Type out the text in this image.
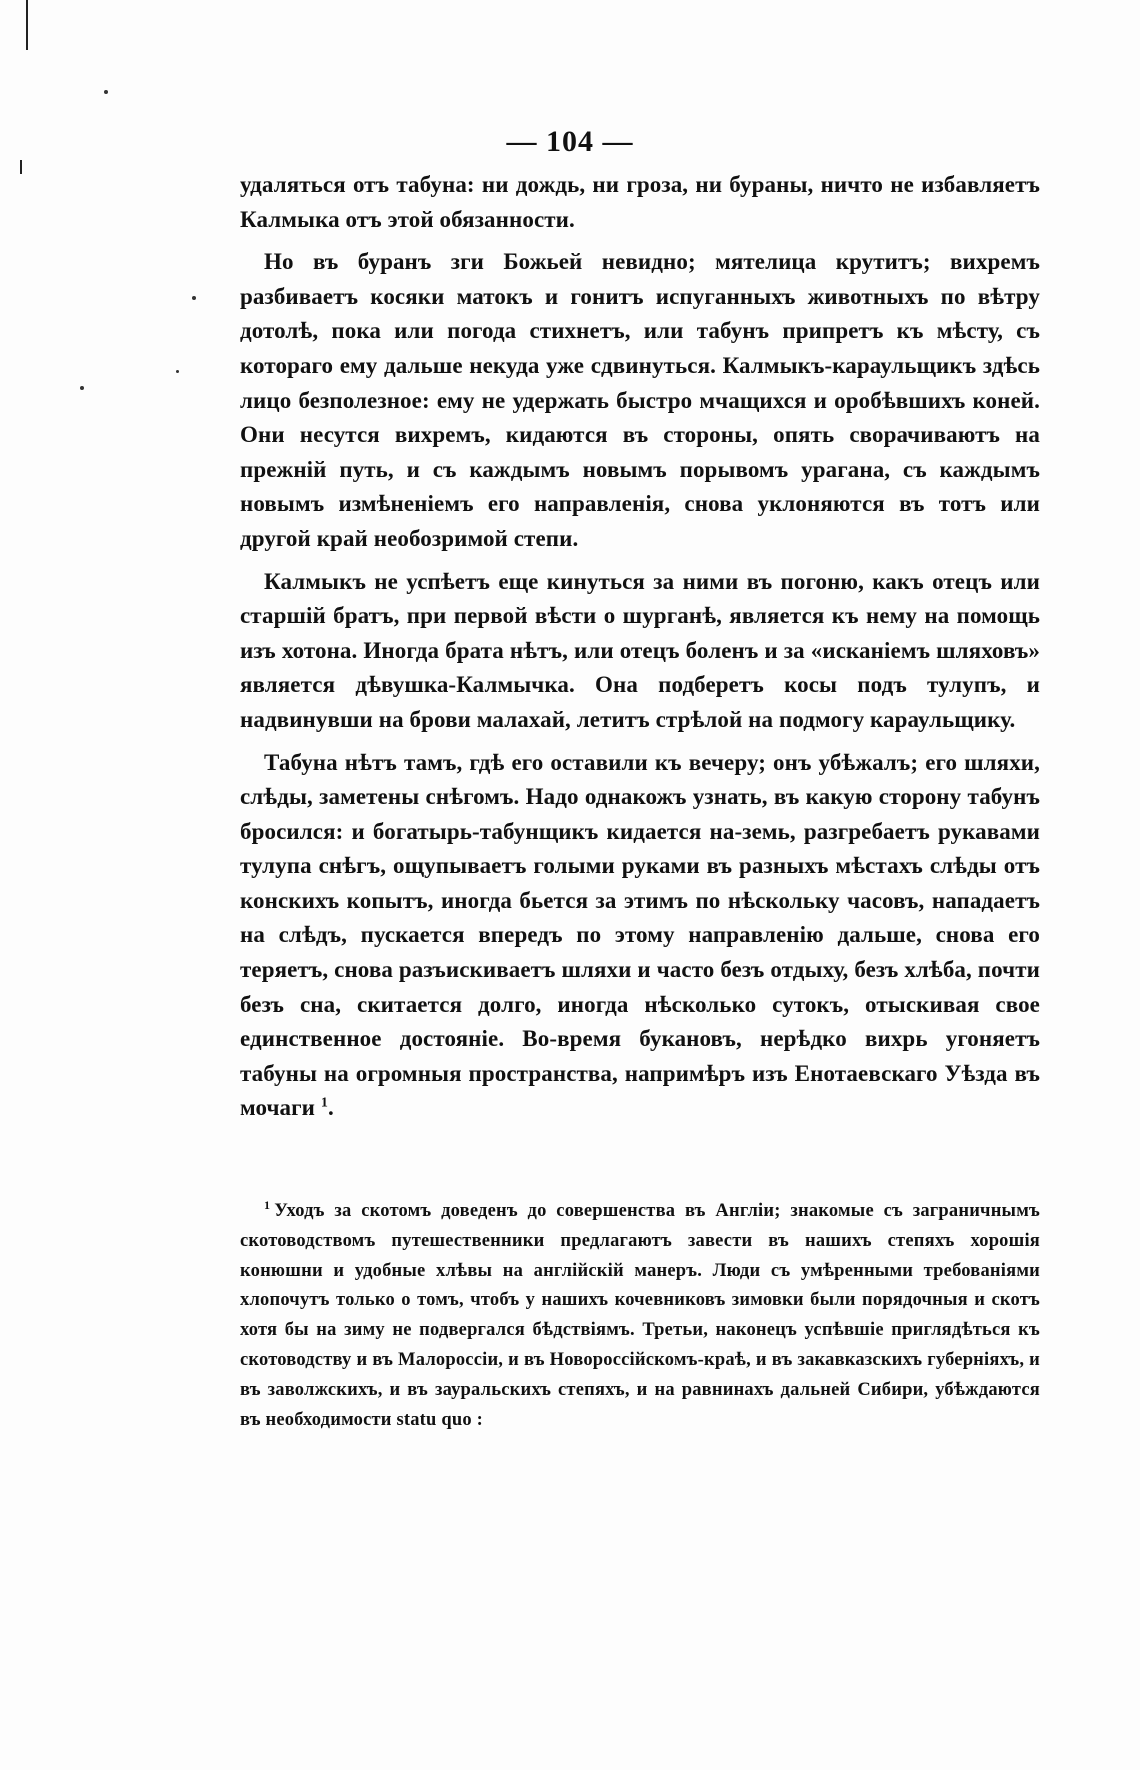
— 104 —

удаляться отъ табуна: ни дождь, ни гроза, ни бураны, ничто не избавляетъ Калмыка отъ этой обязанности.

Но въ буранъ зги Божьей невидно; мятелица крутитъ; вихремъ разбиваетъ косяки матокъ и гонитъ испуганныхъ животныхъ по вѣтру дотолѣ, пока или погода стихнетъ, или табунъ припретъ къ мѣсту, съ котораго ему дальше некуда уже сдвинуться. Калмыкъ-караульщикъ здѣсь лицо безполезное: ему не удержать быстро мчащихся и оробѣвшихъ коней. Они несутся вихремъ, кидаются въ стороны, опять сворачиваютъ на прежній путь, и съ каждымъ новымъ порывомъ урагана, съ каждымъ новымъ измѣненіемъ его направленія, снова уклоняются въ тотъ или другой край необозримой степи.

Калмыкъ не успѣетъ еще кинуться за ними въ погоню, какъ отецъ или старшій братъ, при первой вѣсти о шурганѣ, является къ нему на помощь изъ хотона. Иногда брата нѣтъ, или отецъ боленъ и за «исканіемъ шляховъ» является дѣвушка-Калмычка. Она подберетъ косы подъ тулупъ, и надвинувши на брови малахай, летитъ стрѣлой на подмогу караульщику.

Табуна нѣтъ тамъ, гдѣ его оставили къ вечеру; онъ убѣжалъ; его шляхи, слѣды, заметены снѣгомъ. Надо однакожъ узнать, въ какую сторону табунъ бросился: и богатырь-табунщикъ кидается на-земь, разгребаетъ рукавами тулупа снѣгъ, ощупываетъ голыми руками въ разныхъ мѣстахъ слѣды отъ конскихъ копытъ, иногда бьется за этимъ по нѣскольку часовъ, нападаетъ на слѣдъ, пускается впередъ по этому направленію дальше, снова его теряетъ, снова разъискиваетъ шляхи и часто безъ отдыху, безъ хлѣба, почти безъ сна, скитается долго, иногда нѣсколько сутокъ, отыскивая свое единственное достояніе. Во-время букановъ, нерѣдко вихрь угоняетъ табуны на огромныя пространства, напримѣръ изъ Енотаевскаго Уѣзда въ мочаги $^1$.

$^1$ Уходъ за скотомъ доведенъ до совершенства въ Англіи; знакомые съ заграничнымъ скотоводствомъ путешественники предлагаютъ завести въ нашихъ степяхъ хорошія конюшни и удобные хлѣвы на англійскій манеръ. Люди съ умѣренными требованіями хлопочутъ только о томъ, чтобъ у нашихъ кочевниковъ зимовки были порядочныя и скотъ хотя бы на зиму не подвергался бѣдствіямъ. Третьи, наконецъ успѣвшіе приглядѣться къ скотоводству и въ Малороссіи, и въ Новороссійскомъ-краѣ, и въ закавказскихъ губерніяхъ, и въ заволжскихъ, и въ зауральскихъ степяхъ, и на равнинахъ дальней Сибири, убѣждаются въ необходимости statu quo :
